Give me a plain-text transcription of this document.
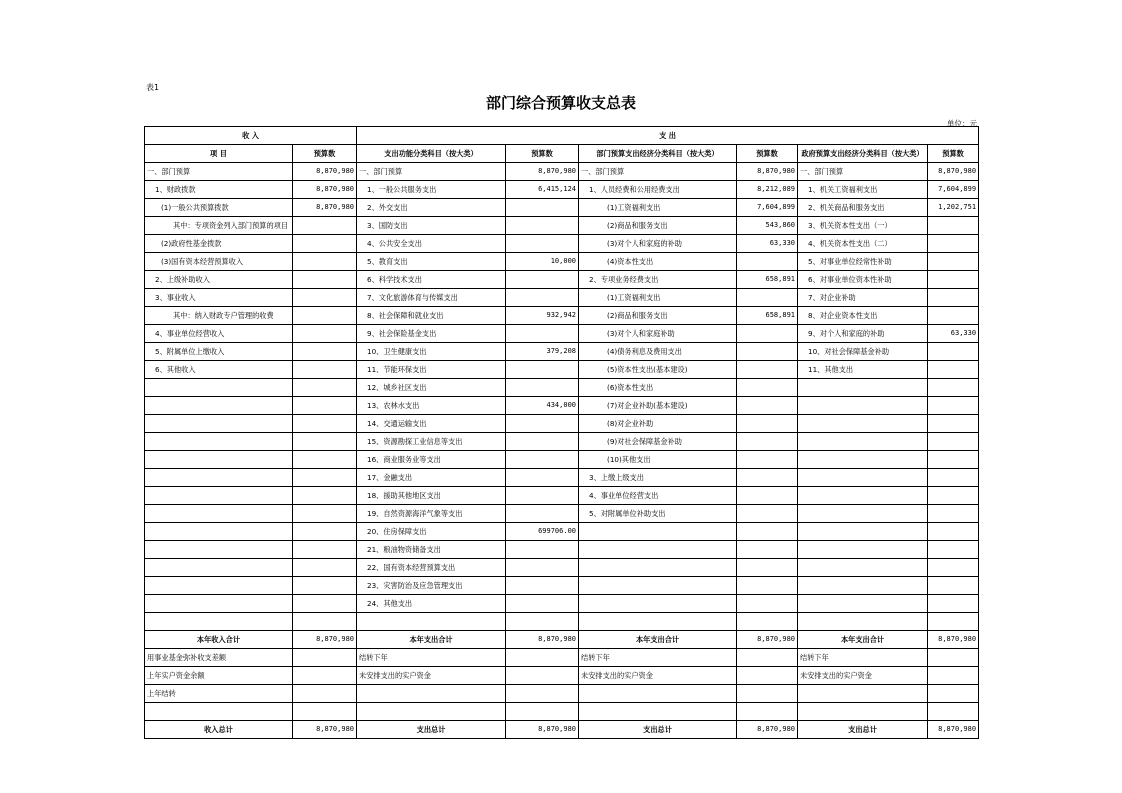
表1
部门综合预算收支总表
单位：元
收 入		支 出					
项 目	预算数	支出功能分类科目（按大类）	预算数	部门预算支出经济分类科目（按大类）	预算数	政府预算支出经济分类科目（按大类）	预算数
一、部门预算	8,870,980	一、部门预算	8,870,980	一、部门预算	8,870,980	一、部门预算	8,870,980
1、财政拨款	8,870,980	1、一般公共服务支出	6,415,124	1、人员经费和公用经费支出	8,212,089	1、机关工资福利支出	7,604,899
(1)一般公共预算拨款	8,870,980	2、外交支出		(1)工资福利支出	7,604,899	2、机关商品和服务支出	1,202,751
其中：专项资金列入部门预算的项目		3、国防支出		(2)商品和服务支出	543,860	3、机关资本性支出（一）	
(2)政府性基金拨款		4、公共安全支出		(3)对个人和家庭的补助	63,330	4、机关资本性支出（二）	
(3)国有资本经营预算收入		5、教育支出	10,000	(4)资本性支出		5、对事业单位经常性补助	
2、上级补助收入		6、科学技术支出		2、专项业务经费支出	658,891	6、对事业单位资本性补助	
3、事业收入		7、文化旅游体育与传媒支出		(1)工资福利支出		7、对企业补助	
其中：纳入财政专户管理的收费		8、社会保障和就业支出	932,942	(2)商品和服务支出	658,891	8、对企业资本性支出	
4、事业单位经营收入		9、社会保险基金支出		(3)对个人和家庭补助		9、对个人和家庭的补助	63,330
5、附属单位上缴收入		10、卫生健康支出	379,208	(4)债务利息及费用支出		10、对社会保障基金补助	
6、其他收入		11、节能环保支出		(5)资本性支出(基本建设)		11、其他支出	
		12、城乡社区支出		(6)资本性支出			
		13、农林水支出	434,000	(7)对企业补助(基本建设)			
		14、交通运输支出		(8)对企业补助			
		15、资源勘探工业信息等支出		(9)对社会保障基金补助			
		16、商业服务业等支出		(10)其他支出			
		17、金融支出		3、上缴上级支出			
		18、援助其他地区支出		4、事业单位经营支出			
		19、自然资源海洋气象等支出		5、对附属单位补助支出			
		20、住房保障支出	699706.00				
		21、粮油物资储备支出					
		22、国有资本经营预算支出					
		23、灾害防治及应急管理支出					
		24、其他支出					

本年收入合计	8,870,980	本年支出合计	8,870,980	本年支出合计	8,870,980	本年支出合计	8,870,980
用事业基金弥补收支差额		结转下年		结转下年		结转下年	
上年实户资金余额		未安排支出的实户资金		未安排支出的实户资金		未安排支出的实户资金	
上年结转							

收入总计	8,870,980	支出总计	8,870,980	支出总计	8,870,980	支出总计	8,870,980
